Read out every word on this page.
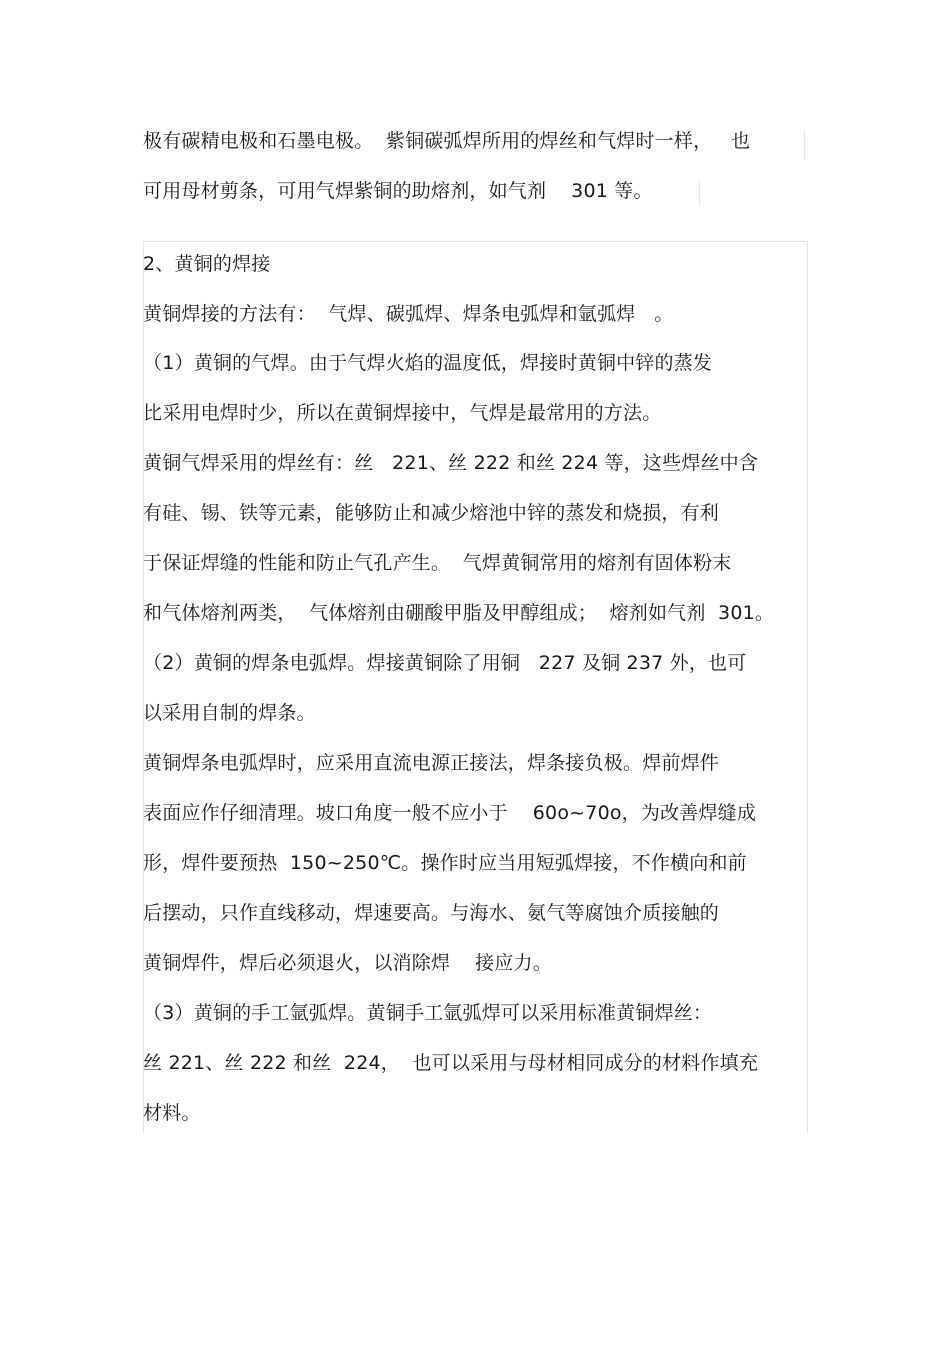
极有碳精电极和石墨电极。  紫铜碳弧焊所用的焊丝和气焊时一样，   也
可用母材剪条，可用气焊紫铜的助熔剂，如气剂    301 等。
2、黄铜的焊接
黄铜焊接的方法有：  气焊、碳弧焊、焊条电弧焊和氩弧焊   。
（1）黄铜的气焊。由于气焊火焰的温度低，焊接时黄铜中锌的蒸发
比采用电焊时少，所以在黄铜焊接中，气焊是最常用的方法。
黄铜气焊采用的焊丝有：丝   221、丝 222 和丝 224 等，这些焊丝中含
有硅、锡、铁等元素，能够防止和减少熔池中锌的蒸发和烧损，有利
于保证焊缝的性能和防止气孔产生。  气焊黄铜常用的熔剂有固体粉末
和气体熔剂两类，  气体熔剂由硼酸甲脂及甲醇组成；  熔剂如气剂  301。
（2）黄铜的焊条电弧焊。焊接黄铜除了用铜   227 及铜 237 外，也可
以采用自制的焊条。
黄铜焊条电弧焊时，应采用直流电源正接法，焊条接负极。焊前焊件
表面应作仔细清理。坡口角度一般不应小于    60o~70o，为改善焊缝成
形，焊件要预热  150~250℃。操作时应当用短弧焊接，不作横向和前
后摆动，只作直线移动，焊速要高。与海水、氨气等腐蚀介质接触的
黄铜焊件，焊后必须退火，以消除焊    接应力。
（3）黄铜的手工氩弧焊。黄铜手工氩弧焊可以采用标准黄铜焊丝：
丝 221、丝 222 和丝  224，  也可以采用与母材相同成分的材料作填充
材料。
